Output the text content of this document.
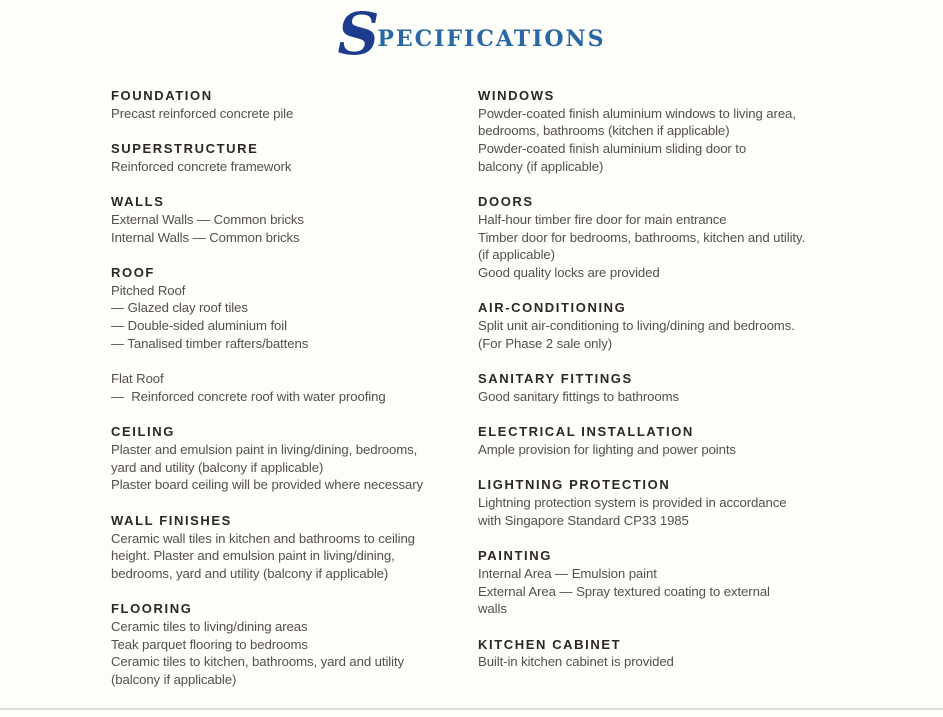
Specifications
FOUNDATION
Precast reinforced concrete pile
SUPERSTRUCTURE
Reinforced concrete framework
WALLS
External Walls — Common bricks
Internal Walls — Common bricks
ROOF
Pitched Roof
— Glazed clay roof tiles
— Double-sided aluminium foil
— Tanalised timber rafters/battens

Flat Roof
—  Reinforced concrete roof with water proofing
CEILING
Plaster and emulsion paint in living/dining, bedrooms,
yard and utility (balcony if applicable)
Plaster board ceiling will be provided where necessary
WALL FINISHES
Ceramic wall tiles in kitchen and bathrooms to ceiling
height. Plaster and emulsion paint in living/dining,
bedrooms, yard and utility (balcony if applicable)
FLOORING
Ceramic tiles to living/dining areas
Teak parquet flooring to bedrooms
Ceramic tiles to kitchen, bathrooms, yard and utility
(balcony if applicable)
WINDOWS
Powder-coated finish aluminium windows to living area,
bedrooms, bathrooms (kitchen if applicable)
Powder-coated finish aluminium sliding door to
balcony (if applicable)
DOORS
Half-hour timber fire door for main entrance
Timber door for bedrooms, bathrooms, kitchen and utility.
(if applicable)
Good quality locks are provided
AIR-CONDITIONING
Split unit air-conditioning to living/dining and bedrooms.
(For Phase 2 sale only)
SANITARY FITTINGS
Good sanitary fittings to bathrooms
ELECTRICAL INSTALLATION
Ample provision for lighting and power points
LIGHTNING PROTECTION
Lightning protection system is provided in accordance
with Singapore Standard CP33 1985
PAINTING
Internal Area — Emulsion paint
External Area — Spray textured coating to external
walls
KITCHEN CABINET
Built-in kitchen cabinet is provided
